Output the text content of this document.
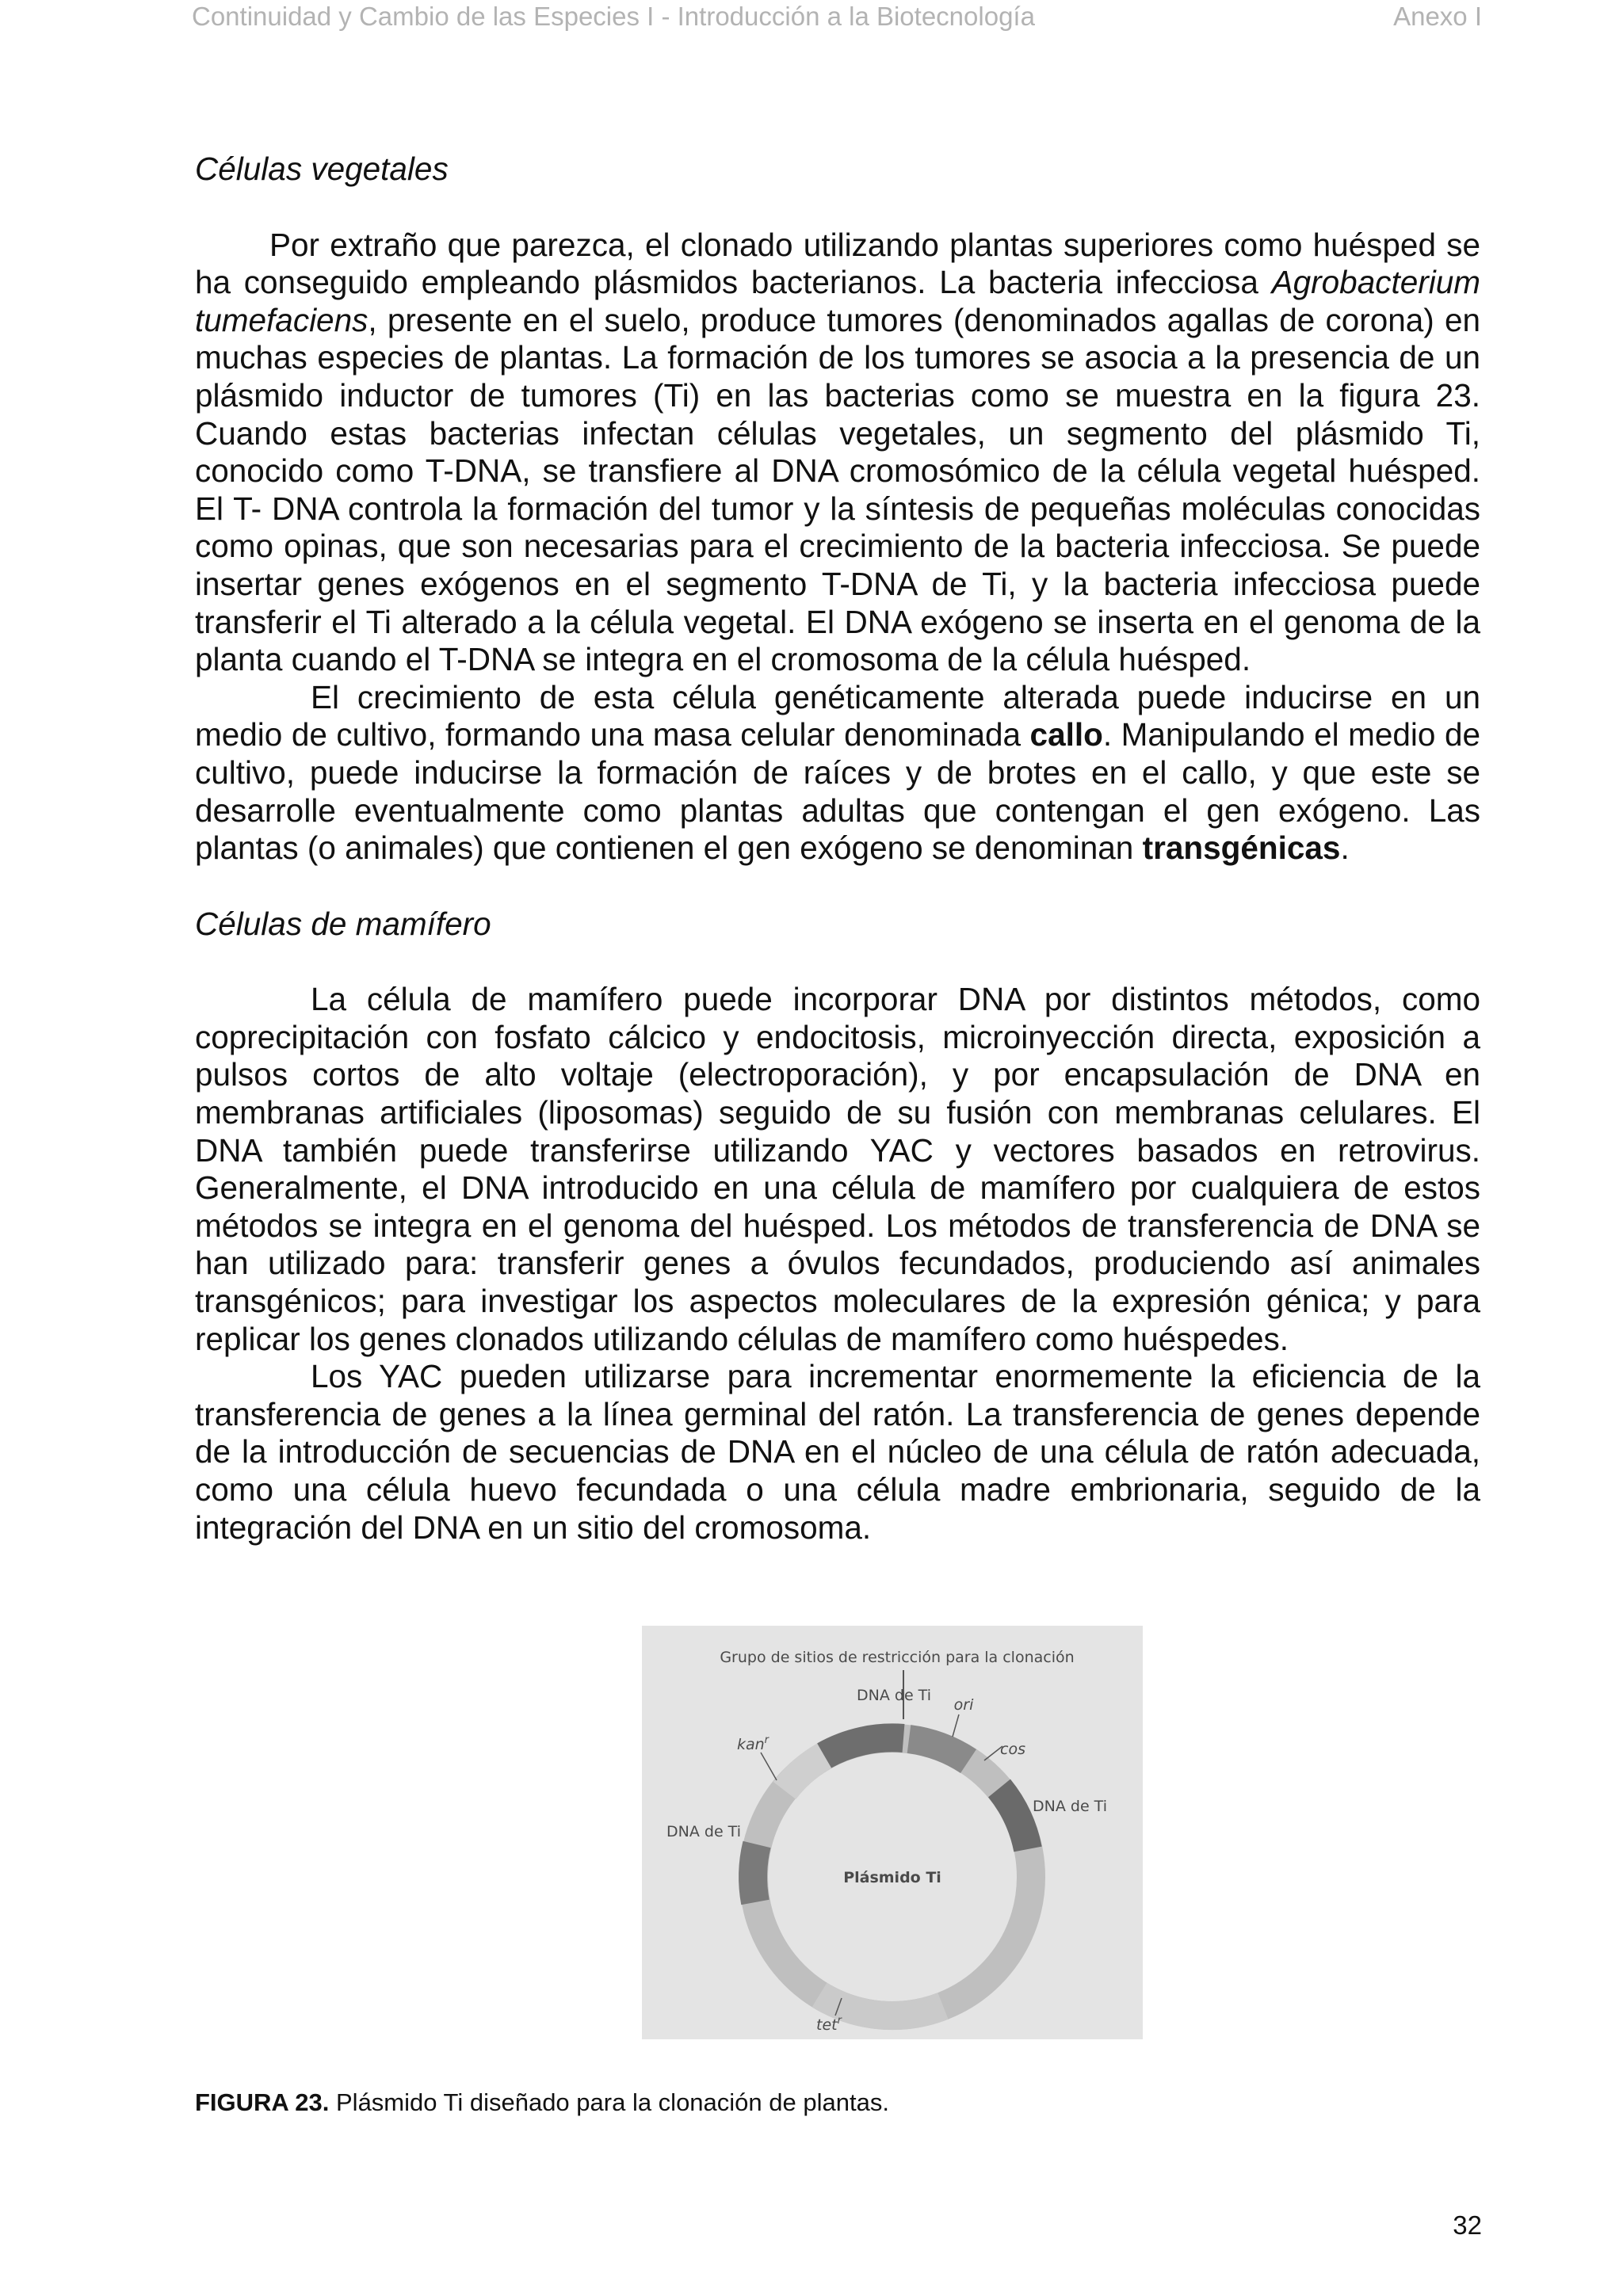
Continuidad y Cambio de las Especies I - Introducción a la Biotecnología	Anexo I
Células vegetales

Por extraño que parezca, el clonado utilizando plantas superiores como huésped se ha conseguido empleando plásmidos bacterianos. La bacteria infecciosa Agrobacterium tumefaciens, presente en el suelo, produce tumores (denominados agallas de corona) en muchas especies de plantas. La formación de los tumores se asocia a la presencia de un plásmido inductor de tumores (Ti) en las bacterias como se muestra en la figura 23. Cuando estas bacterias infectan células vegetales, un segmento del plásmido Ti, conocido como T-DNA, se transfiere al DNA cromosómico de la célula vegetal huésped. El T- DNA controla la formación del tumor y la síntesis de pequeñas moléculas conocidas como opinas, que son necesarias para el crecimiento de la bacteria infecciosa. Se puede insertar genes exógenos en el segmento T-DNA de Ti, y la bacteria infecciosa puede transferir el Ti alterado a la célula vegetal. El DNA exógeno se inserta en el genoma de la planta cuando el T-DNA se integra en el cromosoma de la célula huésped.

El crecimiento de esta célula genéticamente alterada puede inducirse en un medio de cultivo, formando una masa celular denominada callo. Manipulando el medio de cultivo, puede inducirse la formación de raíces y de brotes en el callo, y que este se desarrolle eventualmente como plantas adultas que contengan el gen exógeno. Las plantas (o animales) que contienen el gen exógeno se denominan transgénicas.

Células de mamífero

La célula de mamífero puede incorporar DNA por distintos métodos, como coprecipitación con fosfato cálcico y endocitosis, microinyección directa, exposición a pulsos cortos de alto voltaje (electroporación), y por encapsulación de DNA en membranas artificiales (liposomas) seguido de su fusión con membranas celulares. El DNA también puede transferirse utilizando YAC y vectores basados en retrovirus. Generalmente, el DNA introducido en una célula de mamífero por cualquiera de estos métodos se integra en el genoma del huésped. Los métodos de transferencia de DNA se han utilizado para: transferir genes a óvulos fecundados, produciendo así animales transgénicos; para investigar los aspectos moleculares de la expresión génica; y para replicar los genes clonados utilizando células de mamífero como huéspedes.

Los YAC pueden utilizarse para incrementar enormemente la eficiencia de la transferencia de genes a la línea germinal del ratón. La transferencia de genes depende de la introducción de secuencias de DNA en el núcleo de una célula de ratón adecuada, como una célula huevo fecundada o una célula madre embrionaria, seguido de la integración del DNA en un sitio del cromosoma.

Grupo de sitios de restricción para la clonación
DNA de Ti
ori
kan$^r$
cos
DNA de Ti
DNA de Ti
Plásmido Ti
tet$^r$
FIGURA 23. Plásmido Ti diseñado para la clonación de plantas.
32
